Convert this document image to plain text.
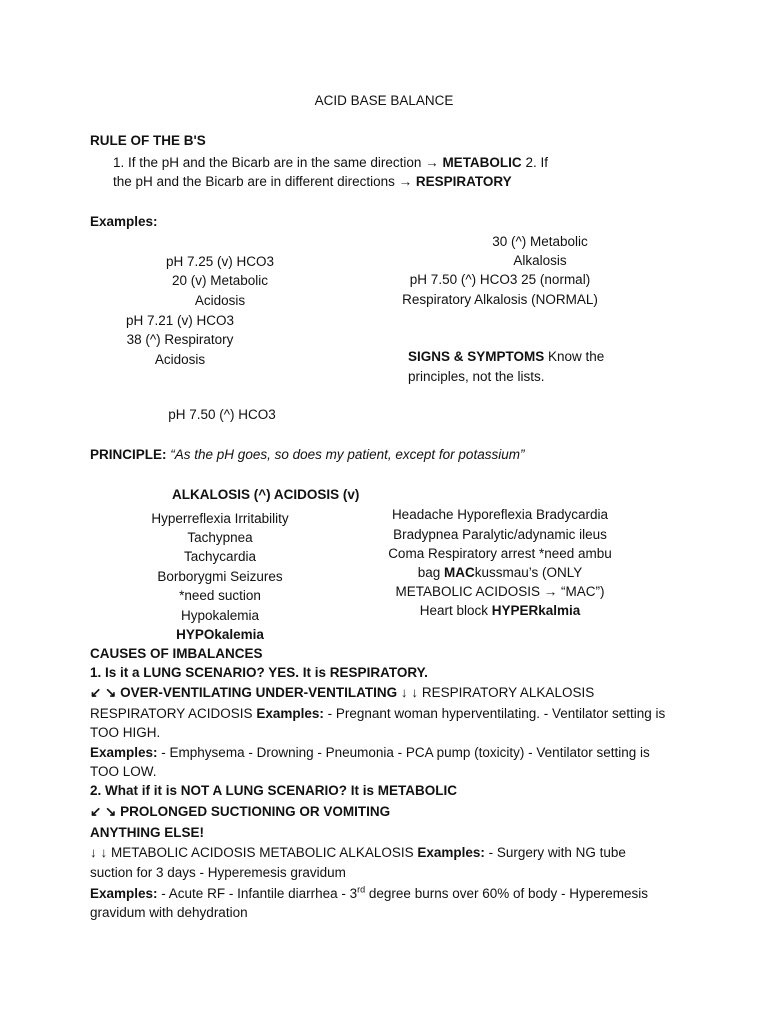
ACID BASE BALANCE
RULE OF THE B'S
1. If the pH and the Bicarb are in the same direction → METABOLIC 2. If
the pH and the Bicarb are in different directions → RESPIRATORY
Examples:
pH 7.25 (v) HCO3
20 (v) Metabolic
Acidosis
pH 7.21 (v) HCO3
38 (^) Respiratory
Acidosis
pH 7.50 (^) HCO3
30 (^) Metabolic
Alkalosis
pH 7.50 (^) HCO3 25 (normal)
Respiratory Alkalosis (NORMAL)
SIGNS & SYMPTOMS Know the
principles, not the lists.
PRINCIPLE: “As the pH goes, so does my patient, except for potassium”
ALKALOSIS (^) ACIDOSIS (v)
Hyperreflexia Irritability
Tachypnea
Tachycardia
Borborygmi Seizures
*need suction
Hypokalemia
HYPOkalemia
Headache Hyporeflexia Bradycardia
Bradypnea Paralytic/adynamic ileus
Coma Respiratory arrest *need ambu
bag MACkussmau’s (ONLY
METABOLIC ACIDOSIS → “MAC”)
Heart block HYPERkalmia
CAUSES OF IMBALANCES
1. Is it a LUNG SCENARIO? YES. It is RESPIRATORY.
↙ ↘ OVER-VENTILATING UNDER-VENTILATING ↓ ↓ RESPIRATORY ALKALOSIS
RESPIRATORY ACIDOSIS Examples: - Pregnant woman hyperventilating. - Ventilator setting is
TOO HIGH.
Examples: - Emphysema - Drowning - Pneumonia - PCA pump (toxicity) - Ventilator setting is
TOO LOW.
2. What if it is NOT A LUNG SCENARIO? It is METABOLIC
↙ ↘ PROLONGED SUCTIONING OR VOMITING
ANYTHING ELSE!
↓ ↓ METABOLIC ACIDOSIS METABOLIC ALKALOSIS Examples: - Surgery with NG tube
suction for 3 days - Hyperemesis gravidum
Examples: - Acute RF - Infantile diarrhea - 3rd degree burns over 60% of body - Hyperemesis
gravidum with dehydration
